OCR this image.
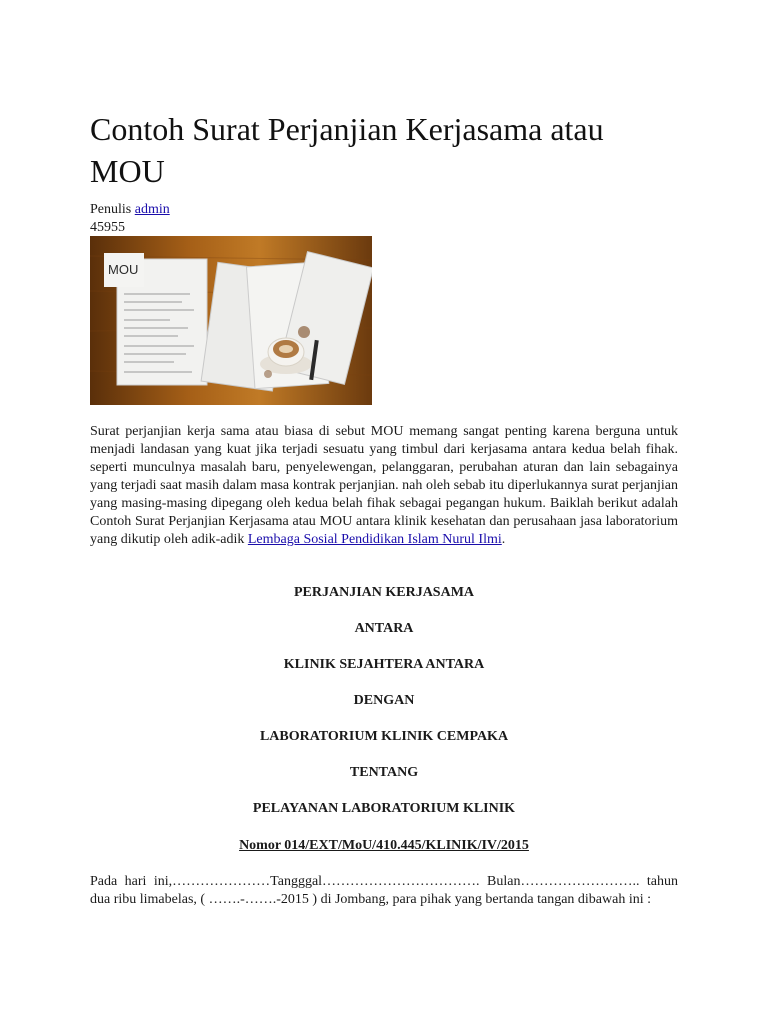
Contoh Surat Perjanjian Kerjasama atau MOU
Penulis admin
45955
MOU
Surat perjanjian kerja sama atau biasa di sebut MOU memang sangat penting karena berguna untuk menjadi landasan yang kuat jika terjadi sesuatu yang timbul dari kerjasama antara kedua belah fihak. seperti munculnya masalah baru, penyelewengan, pelanggaran, perubahan aturan dan lain sebagainya yang terjadi saat masih dalam masa kontrak perjanjian. nah oleh sebab itu diperlukannya surat perjanjian yang masing-masing dipegang oleh kedua belah fihak sebagai pegangan hukum. Baiklah berikut adalah Contoh Surat Perjanjian Kerjasama atau MOU antara klinik kesehatan dan perusahaan jasa laboratorium yang dikutip oleh adik-adik Lembaga Sosial Pendidikan Islam Nurul Ilmi.
PERJANJIAN KERJASAMA
ANTARA
KLINIK SEJAHTERA ANTARA
DENGAN
LABORATORIUM KLINIK CEMPAKA
TENTANG
PELAYANAN LABORATORIUM KLINIK
Nomor 014/EXT/MoU/410.445/KLINIK/IV/2015
Pada hari ini,…………………Tangggal……………………………. Bulan…………………….. tahun dua ribu limabelas, ( …….-…….-2015 ) di Jombang, para pihak yang bertanda tangan dibawah ini :
